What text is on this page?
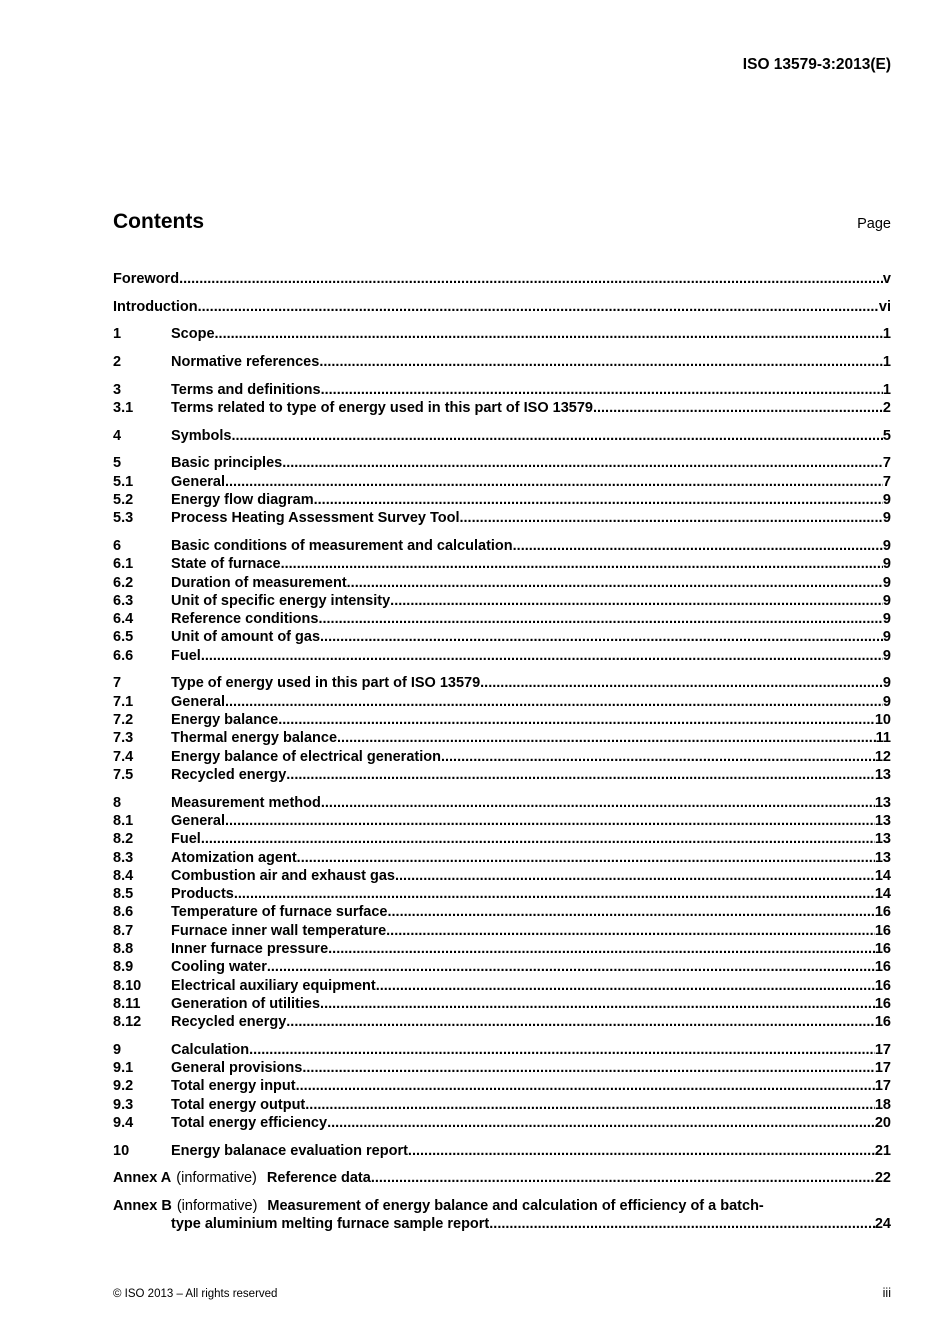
ISO 13579-3:2013(E)
Contents	Page
Foreword .....	v
Introduction .....	vi
1	Scope .....	1
2	Normative references .....	1
3	Terms and definitions .....	1
3.1	Terms related to type of energy used in this part of ISO 13579 .....	2
4	Symbols .....	5
5	Basic principles .....	7
5.1	General .....	7
5.2	Energy flow diagram .....	9
5.3	Process Heating Assessment Survey Tool .....	9
6	Basic conditions of measurement and calculation .....	9
6.1	State of furnace .....	9
6.2	Duration of measurement .....	9
6.3	Unit of specific energy intensity .....	9
6.4	Reference conditions .....	9
6.5	Unit of amount of gas .....	9
6.6	Fuel .....	9
7	Type of energy used in this part of ISO 13579 .....	9
7.1	General .....	9
7.2	Energy balance .....	10
7.3	Thermal energy balance .....	11
7.4	Energy balance of electrical generation .....	12
7.5	Recycled energy .....	13
8	Measurement method .....	13
8.1	General .....	13
8.2	Fuel .....	13
8.3	Atomization agent .....	13
8.4	Combustion air and exhaust gas .....	14
8.5	Products .....	14
8.6	Temperature of furnace surface .....	16
8.7	Furnace inner wall temperature .....	16
8.8	Inner furnace pressure .....	16
8.9	Cooling water .....	16
8.10	Electrical auxiliary equipment .....	16
8.11	Generation of utilities .....	16
8.12	Recycled energy .....	16
9	Calculation .....	17
9.1	General provisions .....	17
9.2	Total energy input .....	17
9.3	Total energy output .....	18
9.4	Total energy efficiency .....	20
10	Energy balanace evaluation report .....	21
Annex A (informative) Reference data .....	22
Annex B (informative) Measurement of energy balance and calculation of efficiency of a batch-
type aluminium melting furnace sample report .....	24
© ISO 2013 – All rights reserved	iii
